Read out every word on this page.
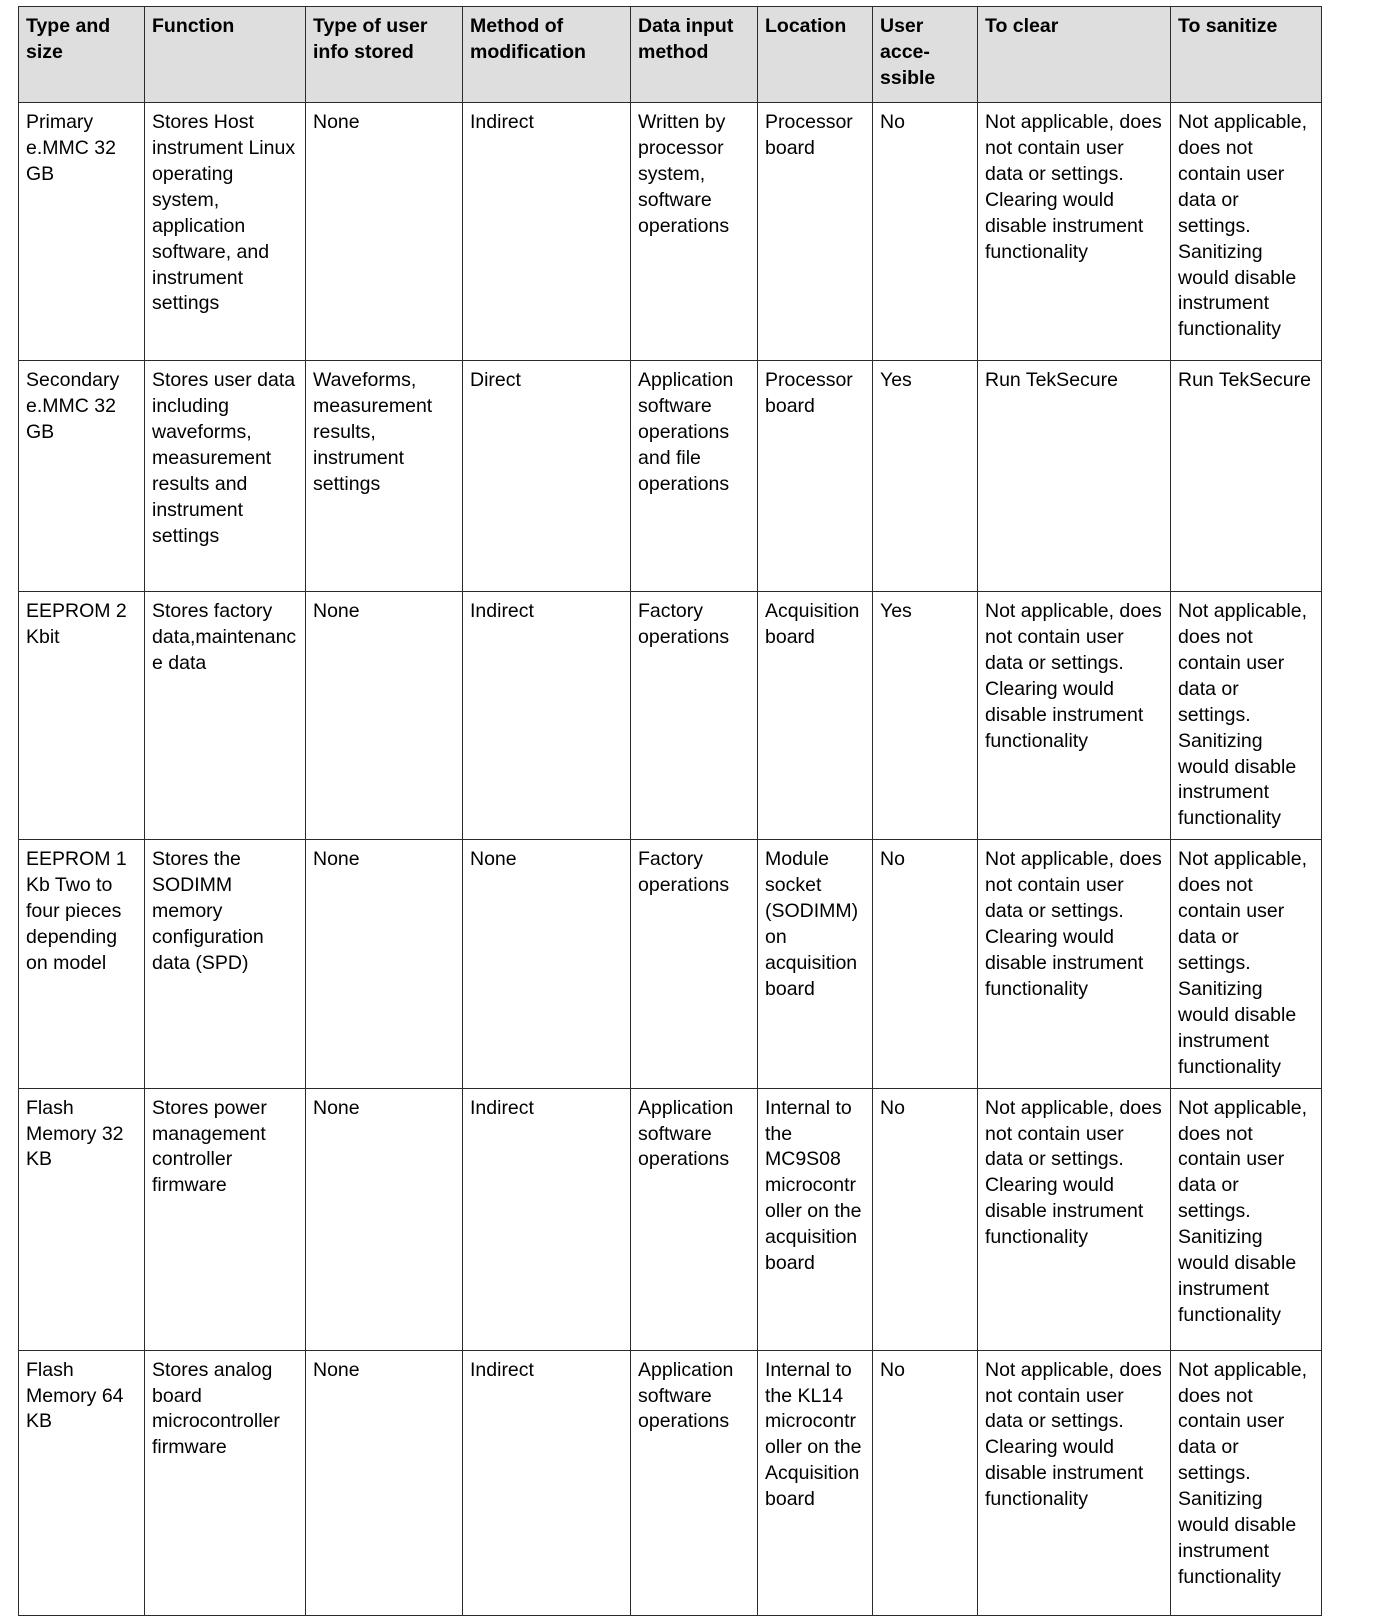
Type and size	Function	Type of user info stored	Method of modification	Data input method	Location	User acce-ssible	To clear	To sanitize

Primary e.MMC 32 GB	Stores Host instrument Linux operating system, application software, and instrument settings	None	Indirect	Written by processor system, software operations	Processor board	No	Not applicable, does not contain user data or settings. Clearing would disable instrument functionality	Not applicable, does not contain user data or settings. Sanitizing would disable instrument functionality

Secondary e.MMC 32 GB	Stores user data including waveforms, measurement results and instrument settings	Waveforms, measurement results, instrument settings	Direct	Application software operations and file operations	Processor board	Yes	Run TekSecure	Run TekSecure

EEPROM 2 Kbit	Stores factory data,maintenance data	None	Indirect	Factory operations	Acquisition board	Yes	Not applicable, does not contain user data or settings. Clearing would disable instrument functionality	Not applicable, does not contain user data or settings. Sanitizing would disable instrument functionality

EEPROM 1 Kb Two to four pieces depending on model	Stores the SODIMM memory configuration data (SPD)	None	None	Factory operations	Module socket (SODIMM) on acquisition board	No	Not applicable, does not contain user data or settings. Clearing would disable instrument functionality	Not applicable, does not contain user data or settings. Sanitizing would disable instrument functionality

Flash Memory 32 KB	Stores power management controller firmware	None	Indirect	Application software operations	Internal to the MC9S08 microcontroller on the acquisition board	No	Not applicable, does not contain user data or settings. Clearing would disable instrument functionality	Not applicable, does not contain user data or settings. Sanitizing would disable instrument functionality

Flash Memory 64 KB	Stores analog board microcontroller firmware	None	Indirect	Application software operations	Internal to the KL14 microcontroller on the Acquisition board	No	Not applicable, does not contain user data or settings. Clearing would disable instrument functionality	Not applicable, does not contain user data or settings. Sanitizing would disable instrument functionality
